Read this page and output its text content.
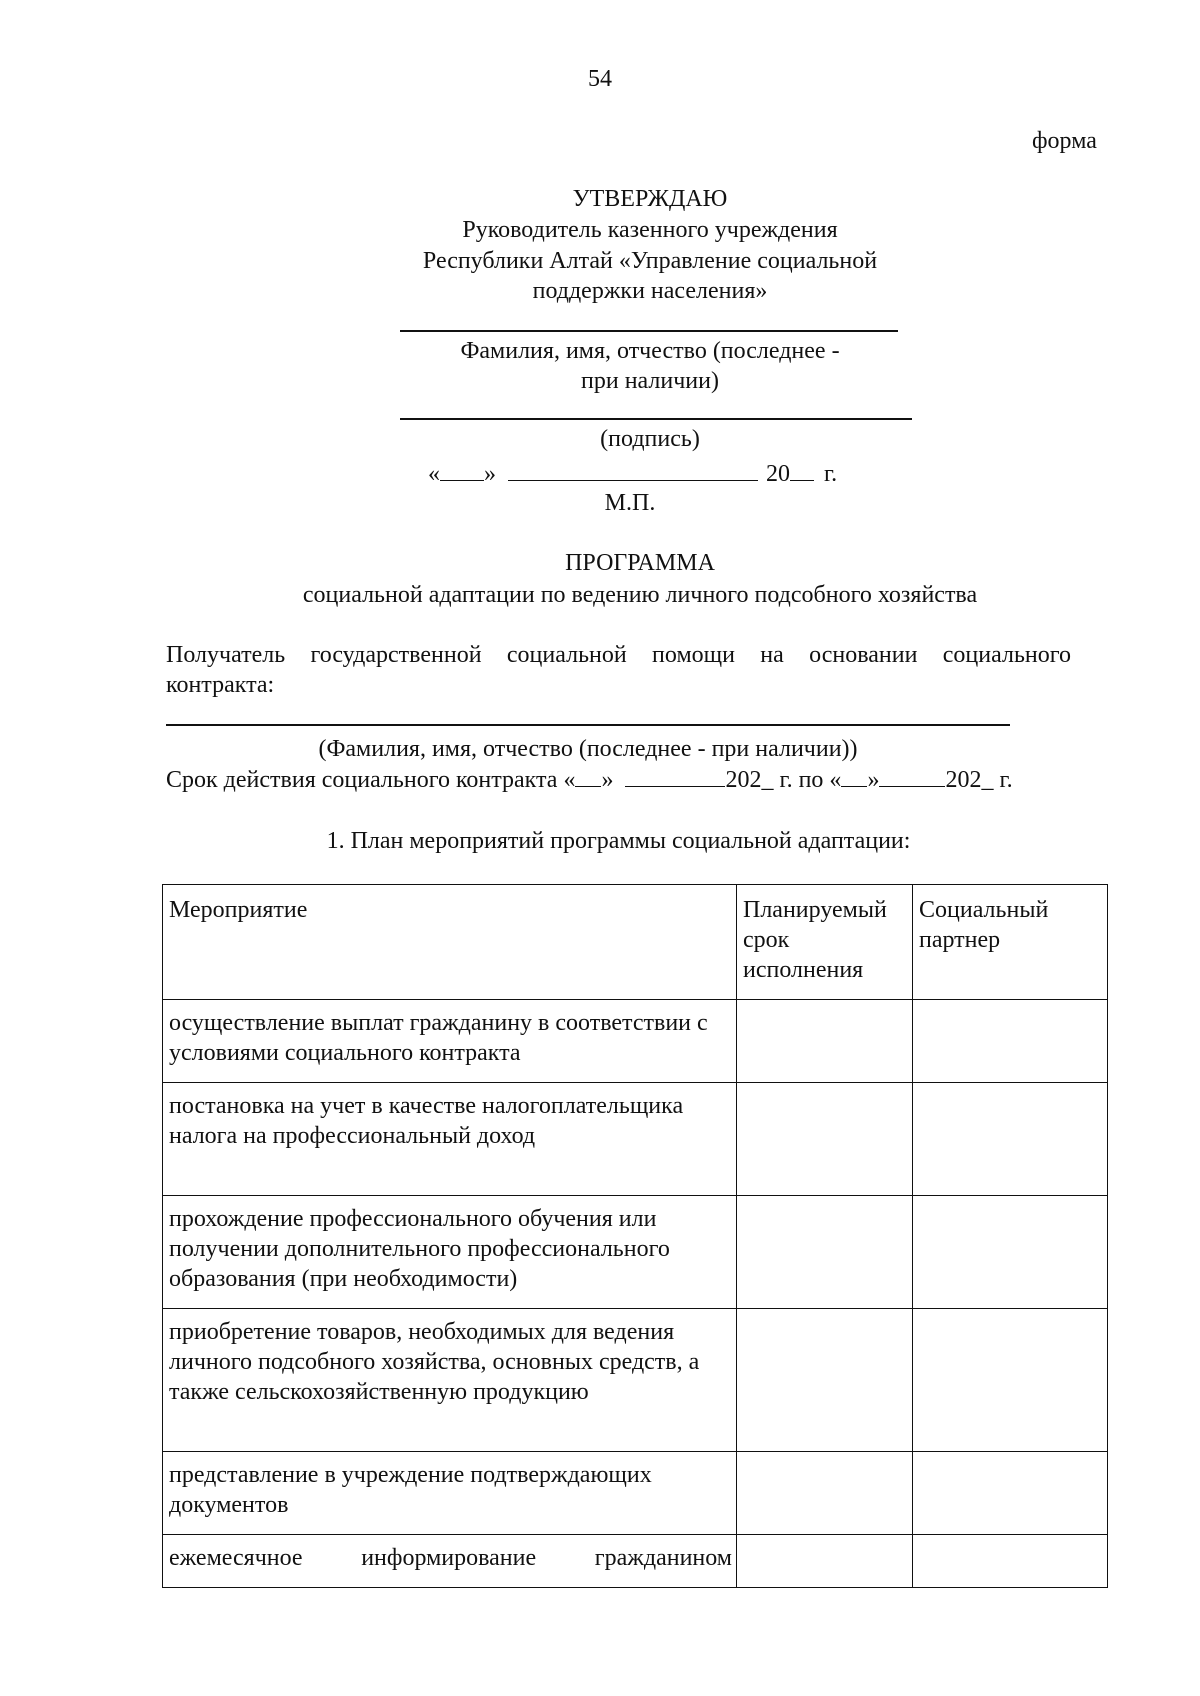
54
форма
УТВЕРЖДАЮ
Руководитель казенного учреждения
Республики Алтай «Управление социальной
поддержки населения»
Фамилия, имя, отчество (последнее -
при наличии)
(подпись)
« »	20 г.
М.П.
ПРОГРАММА
социальной адаптации по ведению личного подсобного хозяйства
Получатель государственной социальной помощи на основании социального
контракта:
(Фамилия, имя, отчество (последнее - при наличии))
Срок действия социального контракта « »	202_ г. по « »	202_ г.
1. План мероприятий программы социальной адаптации:
Мероприятие	Планируемый срок исполнения	Социальный партнер
осуществление выплат гражданину в соответствии с условиями социального контракта		
постановка на учет в качестве налогоплательщика налога на профессиональный доход		
прохождение профессионального обучения или получении дополнительного профессионального образования (при необходимости)		
приобретение товаров, необходимых для ведения личного подсобного хозяйства, основных средств, а также сельскохозяйственную продукцию		
представление в учреждение подтверждающих документов		
ежемесячное информирование гражданином		
